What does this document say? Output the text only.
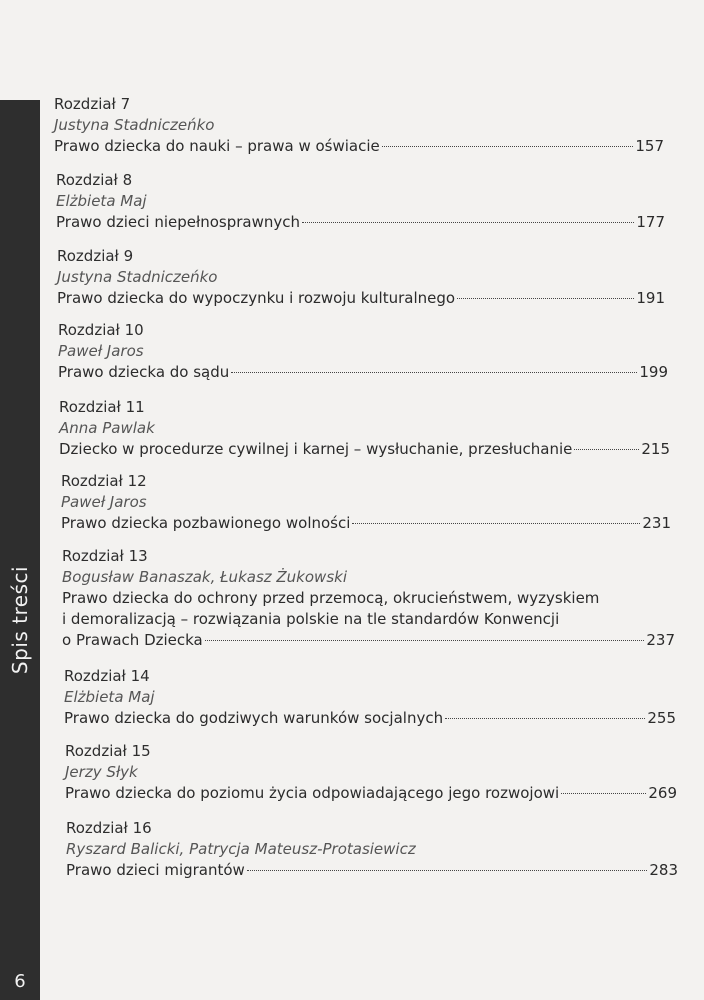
Spis treści
6
Rozdział 7
Justyna Stadniczeńko
Prawo dziecka do nauki – prawa w oświacie	157
Rozdział 8
Elżbieta Maj
Prawo dzieci niepełnosprawnych	177
Rozdział 9
Justyna Stadniczeńko
Prawo dziecka do wypoczynku i rozwoju kulturalnego	191
Rozdział 10
Paweł Jaros
Prawo dziecka do sądu	199
Rozdział 11
Anna Pawlak
Dziecko w procedurze cywilnej i karnej – wysłuchanie, przesłuchanie	215
Rozdział 12
Paweł Jaros
Prawo dziecka pozbawionego wolności	231
Rozdział 13
Bogusław Banaszak, Łukasz Żukowski
Prawo dziecka do ochrony przed przemocą, okrucieństwem, wyzyskiem
i demoralizacją – rozwiązania polskie na tle standardów Konwencji
o Prawach Dziecka	237
Rozdział 14
Elżbieta Maj
Prawo dziecka do godziwych warunków socjalnych	255
Rozdział 15
Jerzy Słyk
Prawo dziecka do poziomu życia odpowiadającego jego rozwojowi	269
Rozdział 16
Ryszard Balicki, Patrycja Mateusz-Protasiewicz
Prawo dzieci migrantów	283
